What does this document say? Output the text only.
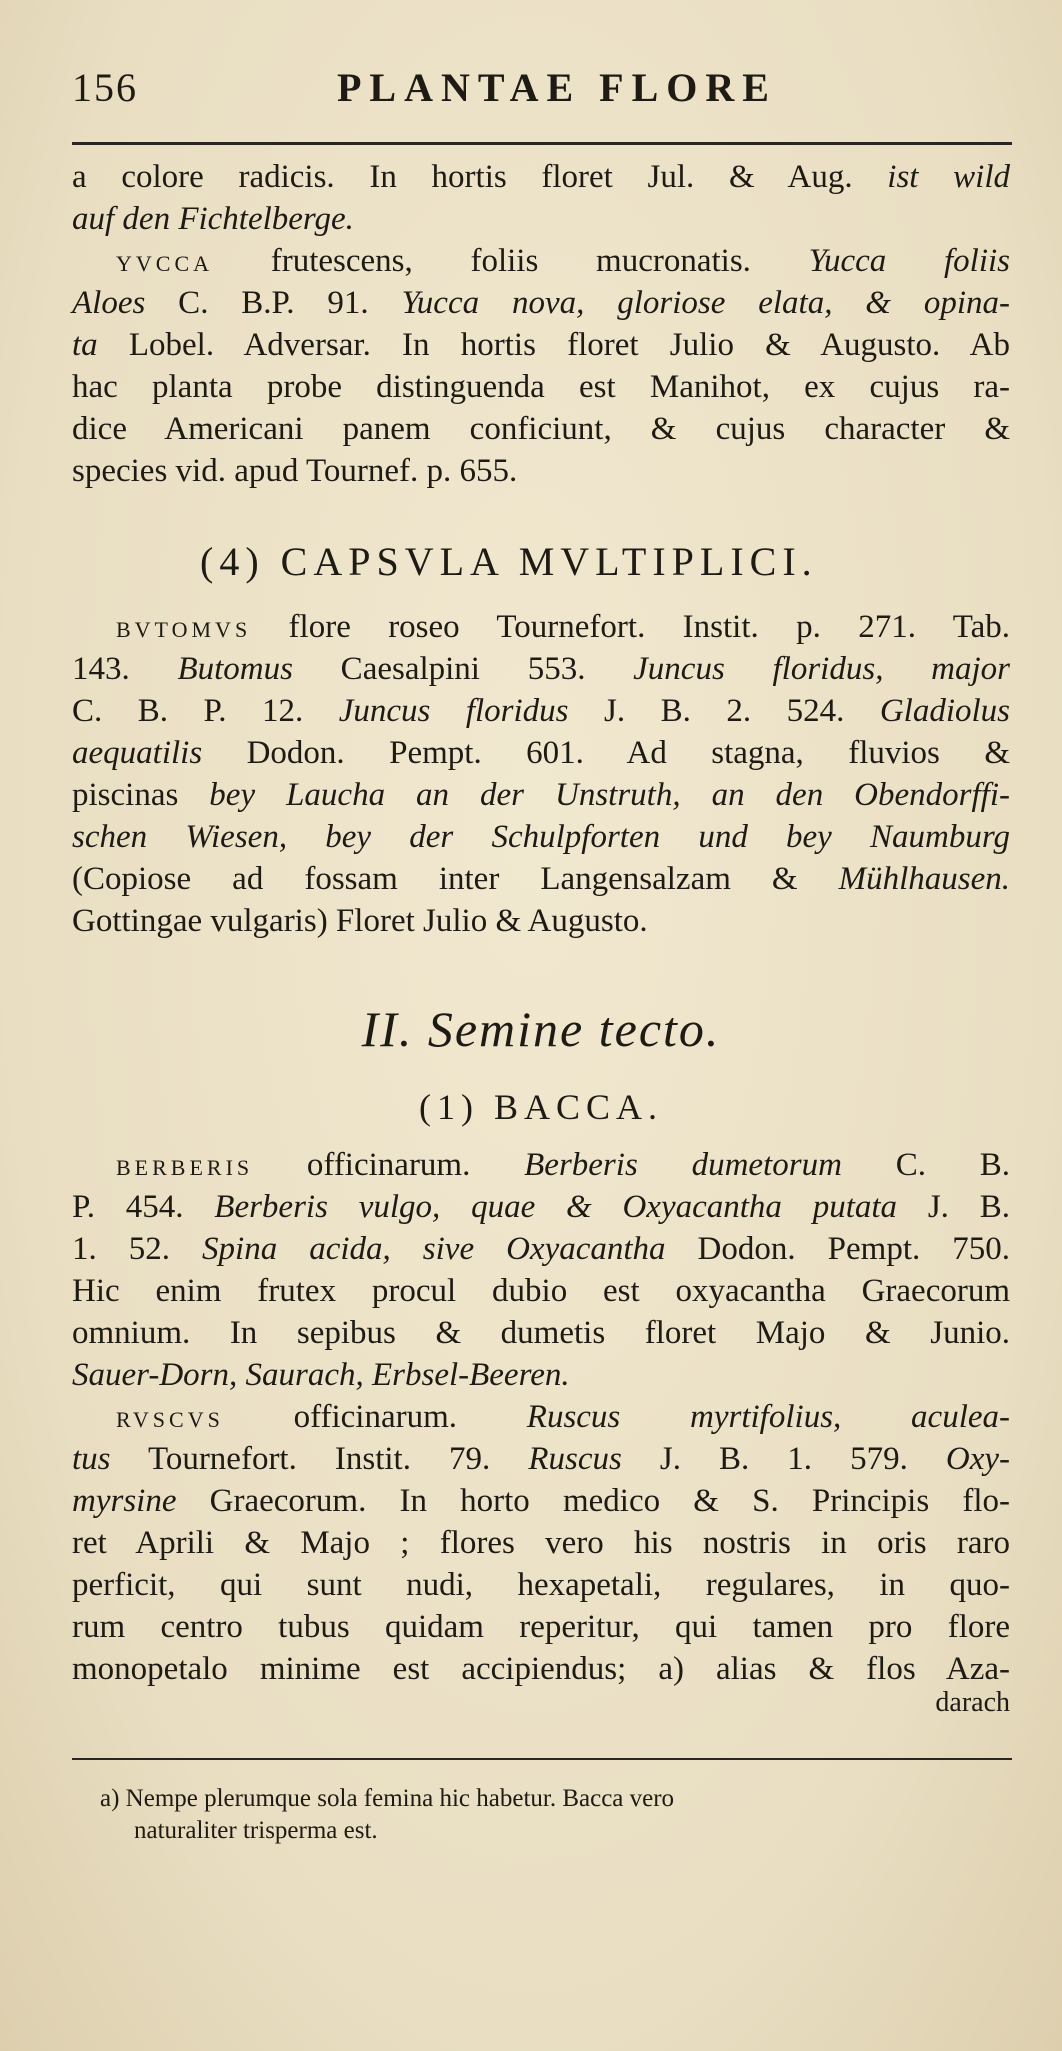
156	PLANTAE FLORE
a colore radicis. In hortis floret Jul. & Aug. ist wild
auf den Fichtelberge.
YVCCA frutescens, foliis mucronatis. Yucca foliis
Aloes C. B.P. 91. Yucca nova, gloriose elata, & opina-
ta Lobel. Adversar. In hortis floret Julio & Augusto. Ab
hac planta probe distinguenda est Manihot, ex cujus ra-
dice Americani panem conficiunt, & cujus character &
species vid. apud Tournef. p. 655.
(4) CAPSVLA MVLTIPLICI.
BVTOMVS flore roseo Tournefort. Instit. p. 271. Tab.
143. Butomus Caesalpini 553. Juncus floridus, major
C. B. P. 12. Juncus floridus J. B. 2. 524. Gladiolus
aequatilis Dodon. Pempt. 601. Ad stagna, fluvios &
piscinas bey Laucha an der Unstruth, an den Obendorffi-
schen Wiesen, bey der Schulpforten und bey Naumburg
(Copiose ad fossam inter Langensalzam & Mühlhausen.
Gottingae vulgaris) Floret Julio & Augusto.
II. Semine tecto.
(1) BACCA.
BERBERIS officinarum. Berberis dumetorum C. B.
P. 454. Berberis vulgo, quae & Oxyacantha putata J. B.
1. 52. Spina acida, sive Oxyacantha Dodon. Pempt. 750.
Hic enim frutex procul dubio est oxyacantha Graecorum
omnium. In sepibus & dumetis floret Majo & Junio.
Sauer-Dorn, Saurach, Erbsel-Beeren.
RVSCVS officinarum. Ruscus myrtifolius, aculea-
tus Tournefort. Instit. 79. Ruscus J. B. 1. 579. Oxy-
myrsine Graecorum. In horto medico & S. Principis flo-
ret Aprili & Majo ; flores vero his nostris in oris raro
perficit, qui sunt nudi, hexapetali, regulares, in quo-
rum centro tubus quidam reperitur, qui tamen pro flore
monopetalo minime est accipiendus; a) alias & flos Aza-
darach
a) Nempe plerumque sola femina hic habetur. Bacca vero
naturaliter trisperma est.
